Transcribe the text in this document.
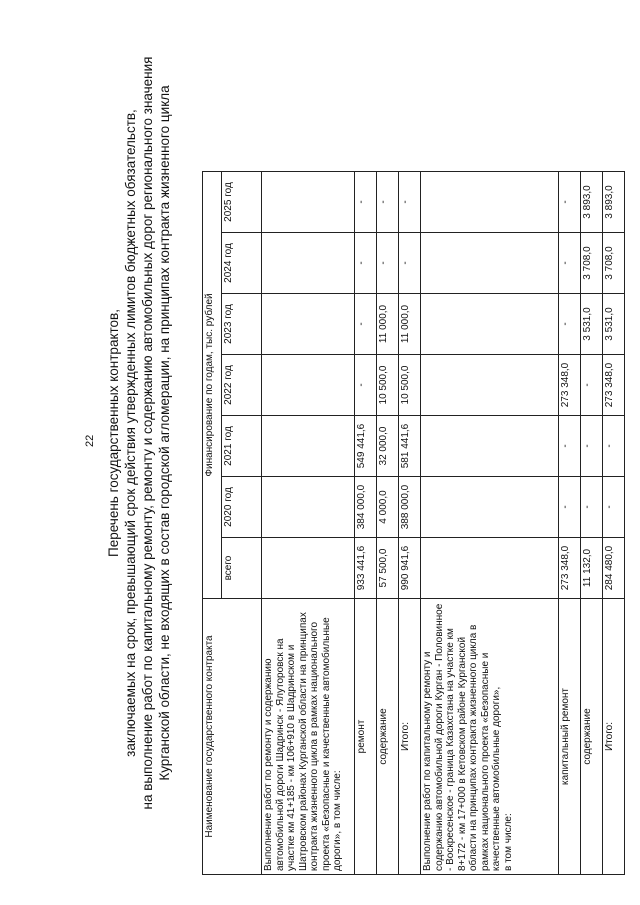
22 Перечень государственных контрактов, заключаемых на срок, превышающий срок действия утвержденных лимитов бюджетных обязательств, на выполнение работ по капитальному ремонту, ремонту и содержанию автомобильных дорог регионального значения Курганской области, не входящих в состав городской агломерации, на принципах контракта жизненного цикла	Наименование государственного контракта	Финансирование по годам, тыс. рублей						
	всего	2020 год	2021 год	2022 год	2023 год	2024 год	2025 год
Выполнение работ по ремонту и содержанию автомобильной дороги Шадринск - Ялуторовск на участке км 41+185 - км 106+910 в Шадринском и Шатровском районах Курганской области на принципах контракта жизненного цикла в рамках национального проекта «Безопасные и качественные автомобильные дороги», в том числе:							
ремонт	933 441,6	384 000,0	549 441,6	-	-	-	-
содержание	57 500,0	4 000,0	32 000,0	10 500,0	11 000,0	-	-
Итого:	990 941,6	388 000,0	581 441,6	10 500,0	11 000,0	-	-
Выполнение работ по капитальному ремонту и содержанию автомобильной дороги Курган - Половинное - Воскресенское - граница Казахстана на участке км 8+172 - км 17+000 в Кетовском районе Курганской области на принципах контракта жизненного цикла в рамках национального проекта «Безопасные и качественные автомобильные дороги»,
в том числе:							
капитальный ремонт	273 348,0	-	-	273 348,0	-	-	-
содержание	11 132,0	-	-	-	3 531,0	3 708,0	3 893,0
Итого:	284 480,0	-	-	273 348,0	3 531,0	3 708,0	3 893,0
